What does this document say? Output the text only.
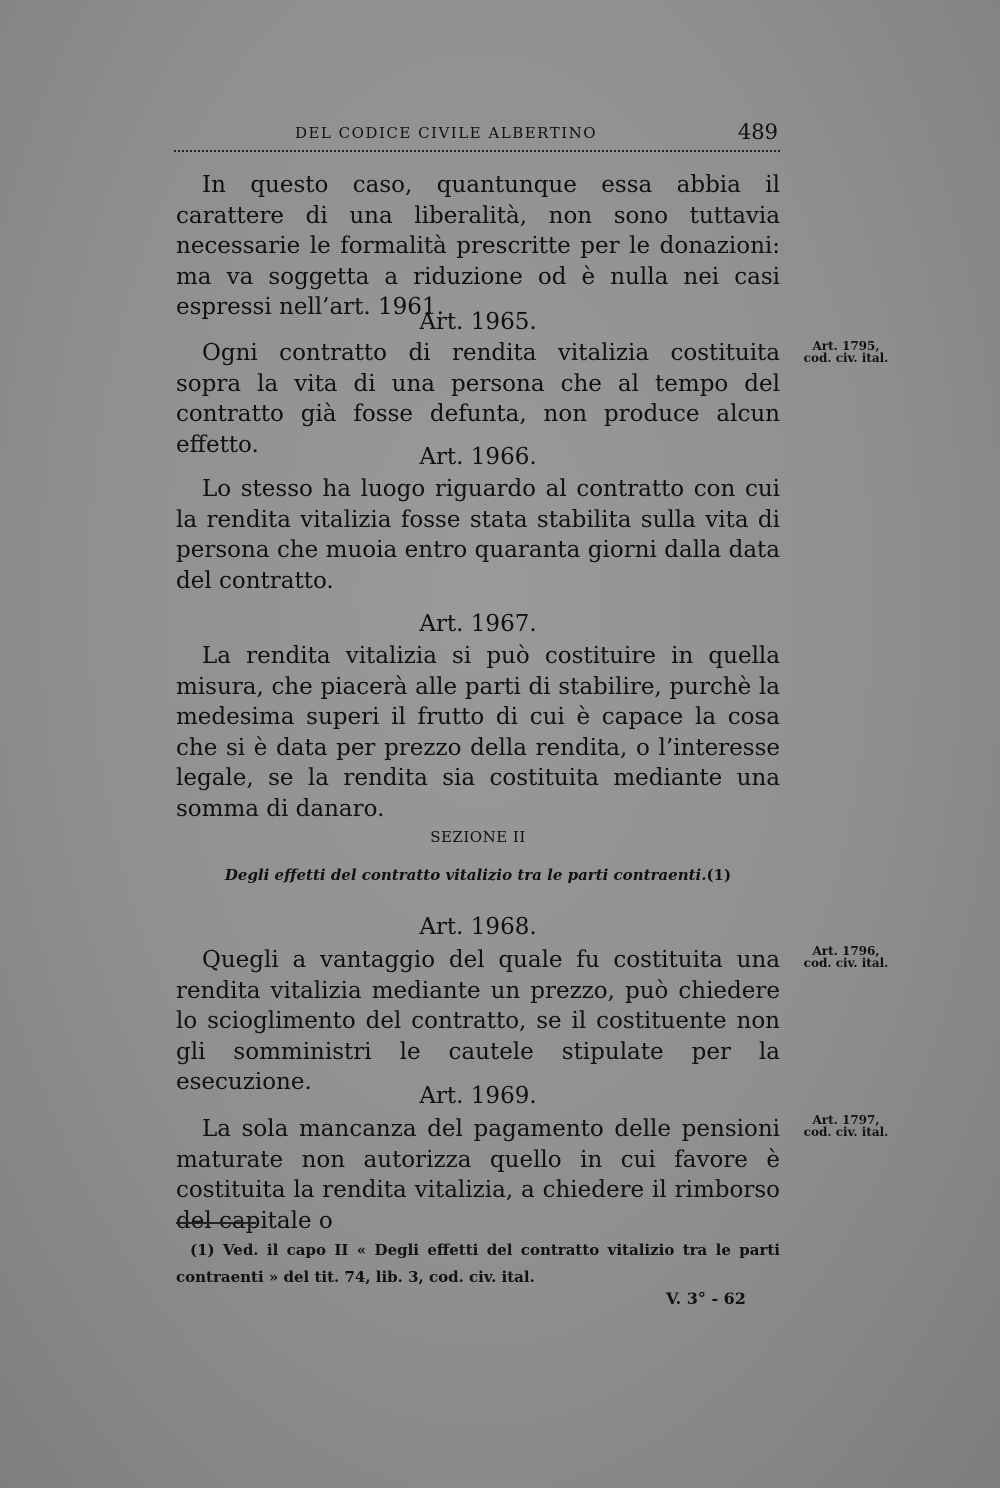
DEL CODICE CIVILE ALBERTINO	489

In questo caso, quantunque essa abbia il carattere di una liberalità, non sono tuttavia necessarie le formalità prescritte per le donazioni: ma va soggetta a riduzione od è nulla nei casi espressi nell’art. 1961.

Art. 1965.

Ogni contratto di rendita vitalizia costituita sopra la vita di una persona che al tempo del contratto già fosse defunta, non produce alcun effetto.

Art. 1795,
cod. civ. ital.

Art. 1966.

Lo stesso ha luogo riguardo al contratto con cui la rendita vitalizia fosse stata stabilita sulla vita di persona che muoia entro quaranta giorni dalla data del contratto.

Art. 1967.

La rendita vitalizia si può costituire in quella misura, che piacerà alle parti di stabilire, purchè la medesima superi il frutto di cui è capace la cosa che si è data per prezzo della rendita, o l’interesse legale, se la rendita sia costituita mediante una somma di danaro.

SEZIONE II
Degli effetti del contratto vitalizio tra le parti contraenti.(1)

Art. 1968.

Quegli a vantaggio del quale fu costituita una rendita vitalizia mediante un prezzo, può chiedere lo scioglimento del contratto, se il costituente non gli somministri le cautele stipulate per la esecuzione.

Art. 1796,
cod. civ. ital.

Art. 1969.

La sola mancanza del pagamento delle pensioni maturate non autorizza quello in cui favore è costituita la rendita vitalizia, a chiedere il rimborso del capitale o

Art. 1797,
cod. civ. ital.
(1) Ved. il capo II « Degli effetti del contratto vitalizio tra le parti contraenti » del tit. 74, lib. 3, cod. civ. ital.
V. 3° - 62
